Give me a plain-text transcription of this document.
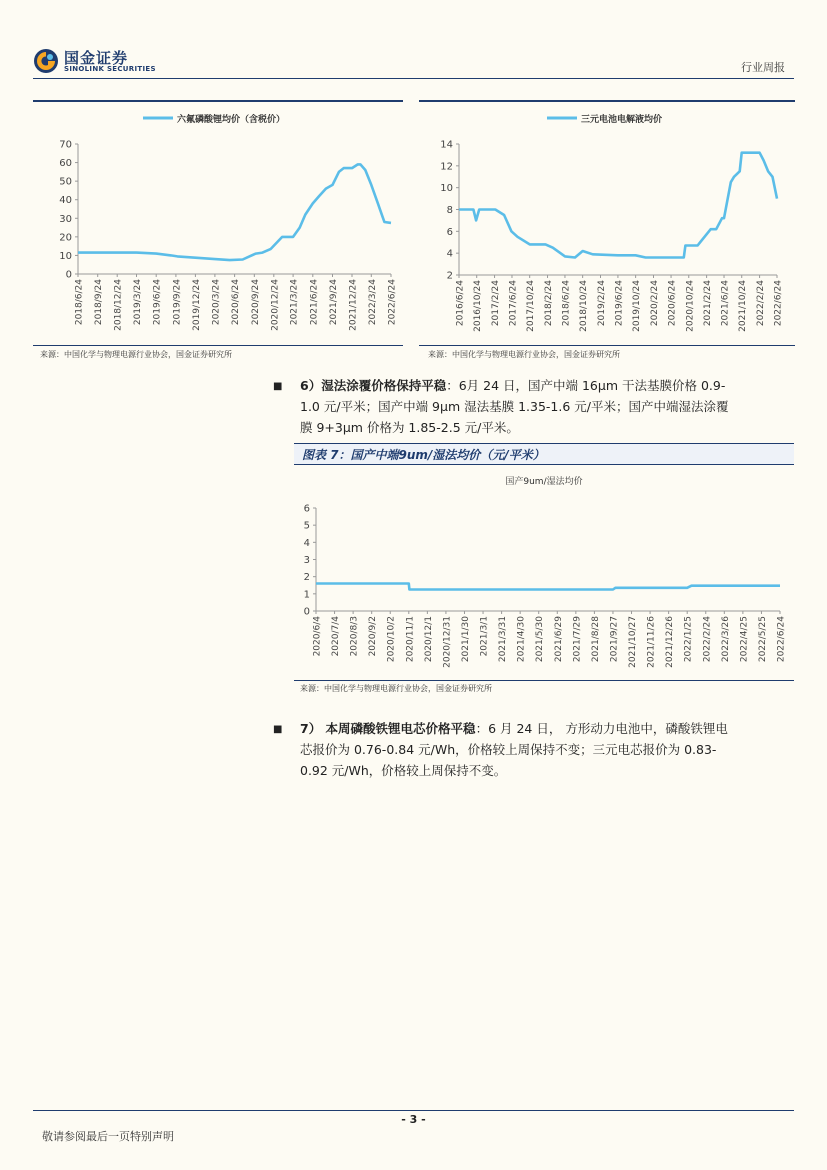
国金证券
SINOLINK SECURITIES	行业周报
六氟磷酸锂均价（含税价）
0
10
20
30
40
50
60
70
2018/6/24 2018/9/24 2018/12/24 2019/3/24 2019/6/24 2019/9/24 2019/12/24 2020/3/24 2020/6/24 2020/9/24 2020/12/24 2021/3/24 2021/6/24 2021/9/24 2021/12/24 2022/3/24 2022/6/24
来源：中国化学与物理电源行业协会，国金证券研究所
三元电池电解液均价
2
4
6
8
10
12
14
2016/6/24 2016/10/24 2017/2/24 2017/6/24 2017/10/24 2018/2/24 2018/6/24 2018/10/24 2019/2/24 2019/6/24 2019/10/24 2020/2/24 2020/6/24 2020/10/24 2021/2/24 2021/6/24 2021/10/24 2022/2/24 2022/6/24
来源：中国化学与物理电源行业协会，国金证券研究所
■ 6）湿法涂覆价格保持平稳：6月 24 日，国产中端 16μm 干法基膜价格 0.9-
1.0 元/平米；国产中端 9μm 湿法基膜 1.35-1.6 元/平米；国产中端湿法涂覆
膜 9+3μm 价格为 1.85-2.5 元/平米。
图表 7：国产中端9um/湿法均价（元/平米）
国产9um/湿法均价
0
1
2
3
4
5
6
2020/6/4 2020/7/4 2020/8/3 2020/9/2 2020/10/2 2020/11/1 2020/12/1 2020/12/31 2021/1/30 2021/3/1 2021/3/31 2021/4/30 2021/5/30 2021/6/29 2021/7/29 2021/8/28 2021/9/27 2021/10/27 2021/11/26 2021/12/26 2022/1/25 2022/2/24 2022/3/26 2022/4/25 2022/5/25 2022/6/24
来源：中国化学与物理电源行业协会，国金证券研究所
■ 7） 本周磷酸铁锂电芯价格平稳：6 月 24 日， 方形动力电池中，磷酸铁锂电
芯报价为 0.76-0.84 元/Wh，价格较上周保持不变；三元电芯报价为 0.83-
0.92 元/Wh，价格较上周保持不变。
- 3 -
敬请参阅最后一页特别声明
